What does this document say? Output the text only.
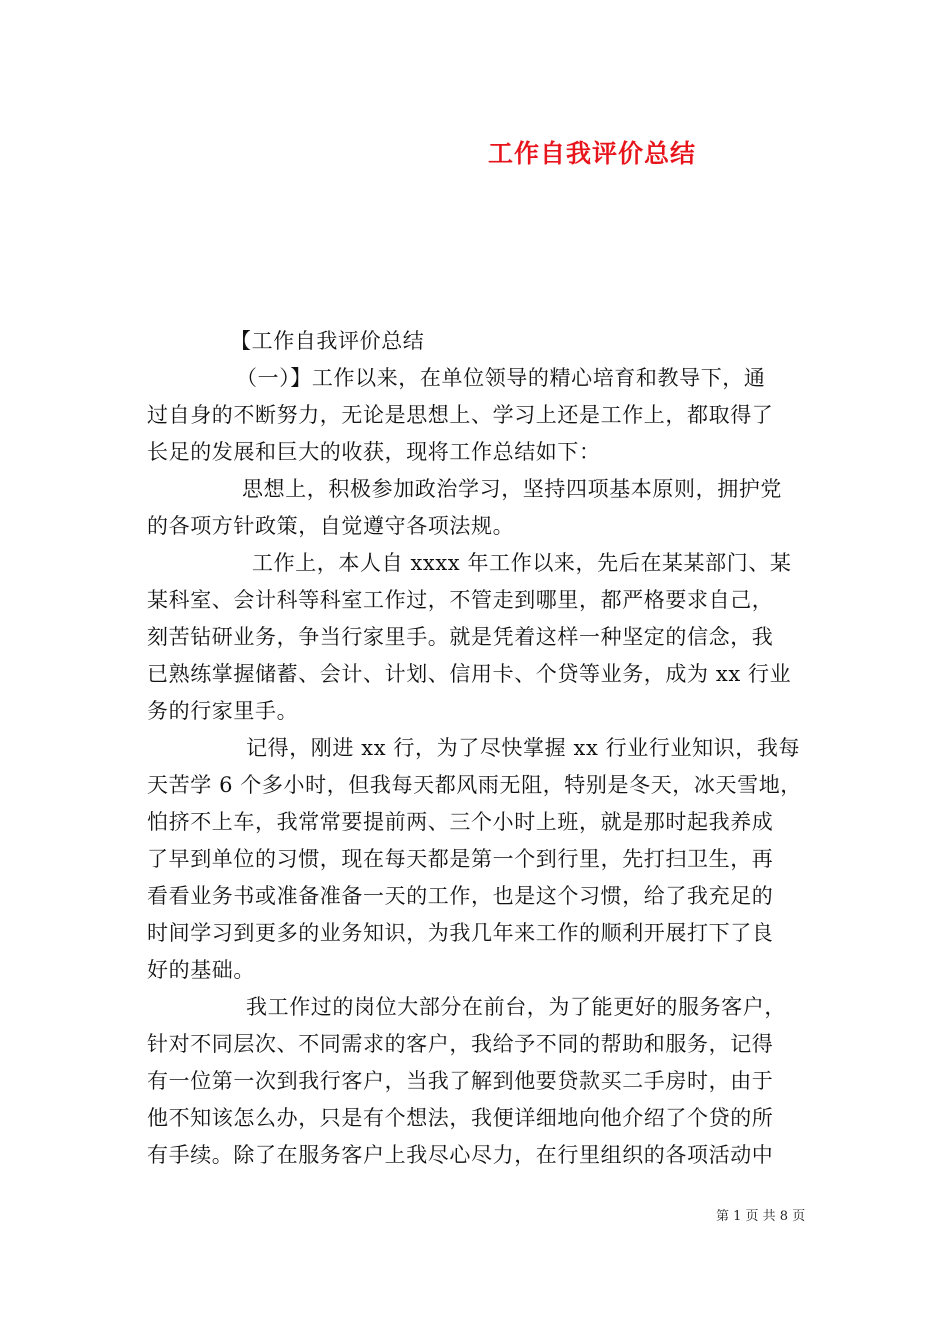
工作自我评价总结
【工作自我评价总结
（一）】工作以来，在单位领导的精心培育和教导下，通
过自身的不断努力，无论是思想上、学习上还是工作上，都取得了
长足的发展和巨大的收获，现将工作总结如下：
思想上，积极参加政治学习，坚持四项基本原则，拥护党
的各项方针政策，自觉遵守各项法规。
工作上，本人自 xxxx 年工作以来，先后在某某部门、某
某科室、会计科等科室工作过，不管走到哪里，都严格要求自己，
刻苦钻研业务，争当行家里手。就是凭着这样一种坚定的信念，我
已熟练掌握储蓄、会计、计划、信用卡、个贷等业务，成为 xx 行业
务的行家里手。
记得，刚进 xx 行，为了尽快掌握 xx 行业行业知识，我每
天苦学 6 个多小时，但我每天都风雨无阻，特别是冬天，冰天雪地，
怕挤不上车，我常常要提前两、三个小时上班，就是那时起我养成
了早到单位的习惯，现在每天都是第一个到行里，先打扫卫生，再
看看业务书或准备准备一天的工作，也是这个习惯，给了我充足的
时间学习到更多的业务知识，为我几年来工作的顺利开展打下了良
好的基础。
我工作过的岗位大部分在前台，为了能更好的服务客户，
针对不同层次、不同需求的客户，我给予不同的帮助和服务，记得
有一位第一次到我行客户，当我了解到他要贷款买二手房时，由于
他不知该怎么办，只是有个想法，我便详细地向他介绍了个贷的所
有手续。除了在服务客户上我尽心尽力，在行里组织的各项活动中
第 1 页 共 8 页
